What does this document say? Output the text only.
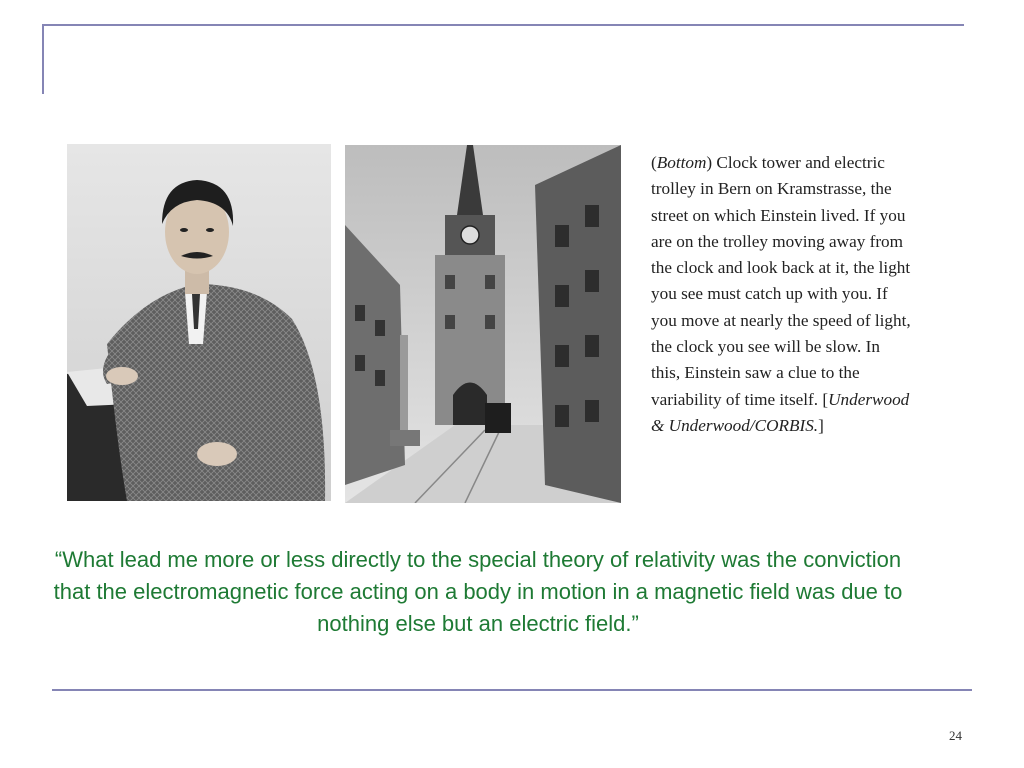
(Bottom) Clock tower and electric trolley in Bern on Kramstrasse, the street on which Einstein lived. If you are on the trolley moving away from the clock and look back at it, the light you see must catch up with you. If you move at nearly the speed of light, the clock you see will be slow. In this, Einstein saw a clue to the variability of time itself. [Underwood & Underwood/CORBIS.]
“What lead me more or less directly to the special theory of relativity was the conviction that the electromagnetic force acting on a body in motion in a magnetic field was due to nothing else but an electric field.”
24
